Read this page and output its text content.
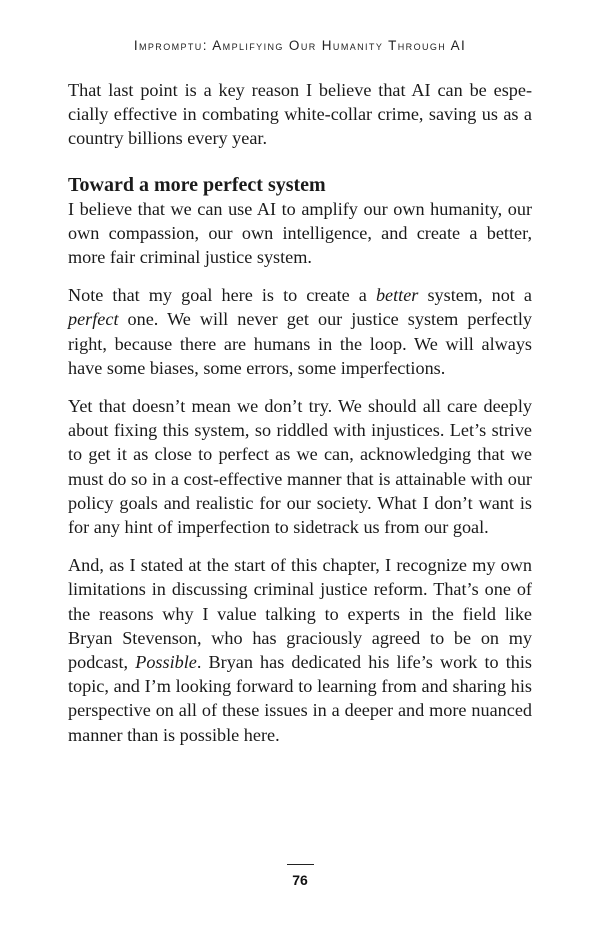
Impromptu: Amplifying Our Humanity Through AI

That last point is a key reason I believe that AI can be especially effective in combating white-collar crime, saving us as a country billions every year.

Toward a more perfect system

I believe that we can use AI to amplify our own humanity, our own compassion, our own intelligence, and create a better, more fair criminal justice system.

Note that my goal here is to create a better system, not a perfect one. We will never get our justice system perfectly right, because there are humans in the loop. We will always have some biases, some errors, some imperfections.

Yet that doesn’t mean we don’t try. We should all care deeply about fixing this system, so riddled with injustices. Let’s strive to get it as close to perfect as we can, acknowledging that we must do so in a cost-effective manner that is attainable with our policy goals and realistic for our society. What I don’t want is for any hint of imperfection to sidetrack us from our goal.

And, as I stated at the start of this chapter, I recognize my own limitations in discussing criminal justice reform. That’s one of the reasons why I value talking to experts in the field like Bryan Stevenson, who has graciously agreed to be on my podcast, Possible. Bryan has dedicated his life’s work to this topic, and I’m looking forward to learning from and sharing his perspective on all of these issues in a deeper and more nuanced manner than is possible here.

76
